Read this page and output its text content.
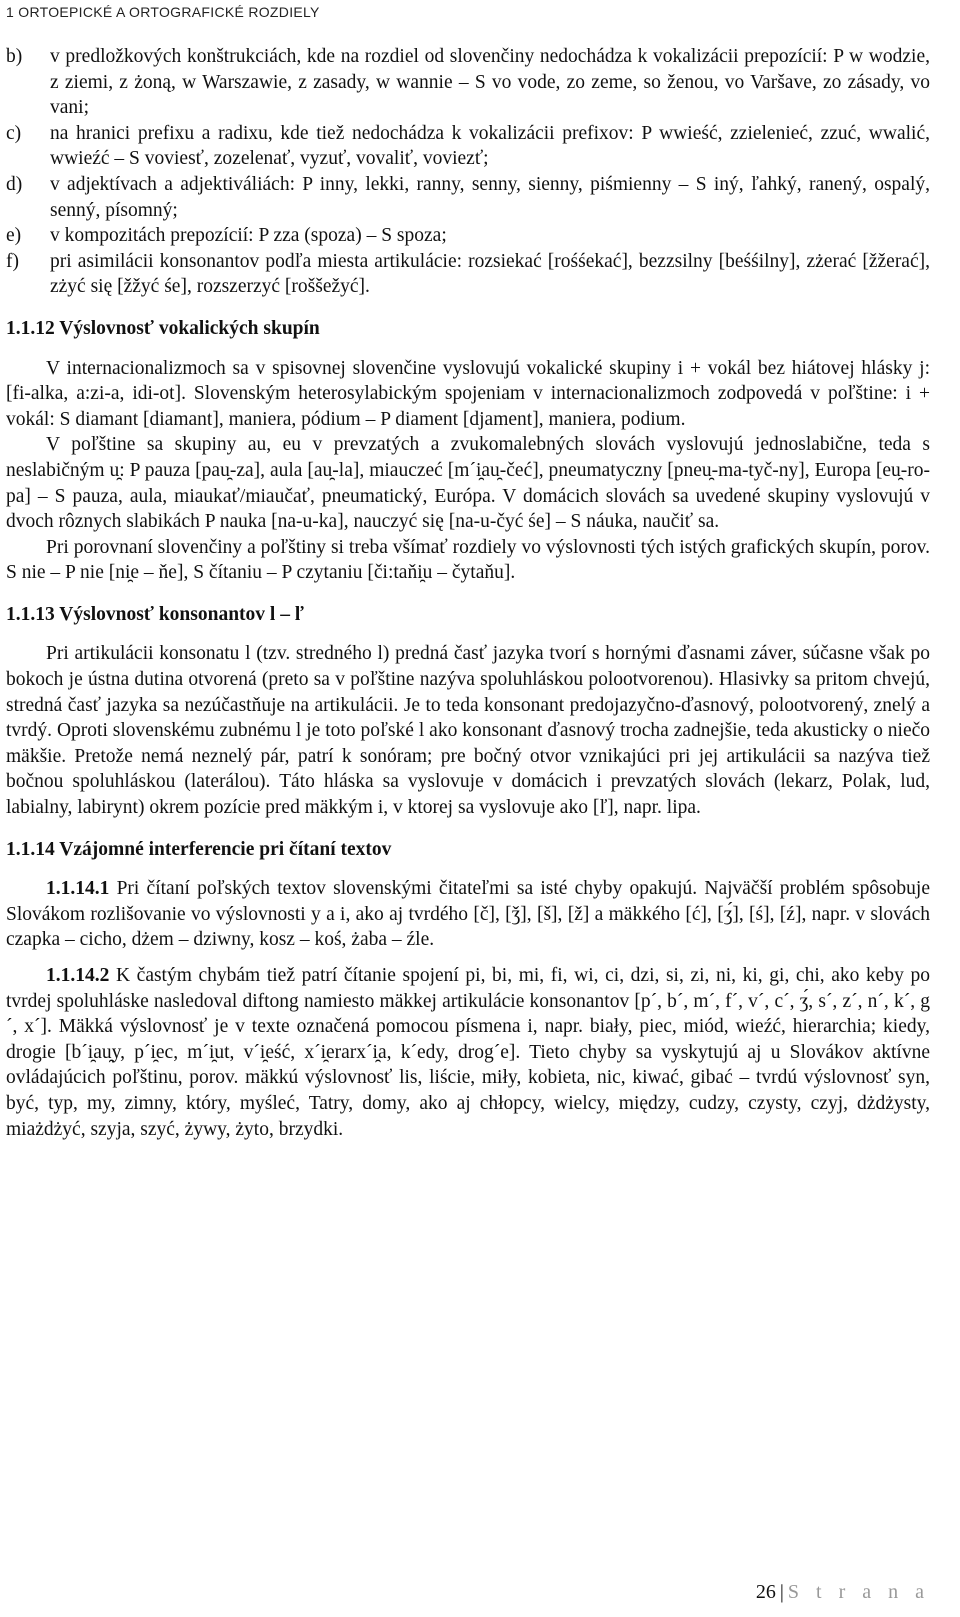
1 ORTOEPICKÉ A ORTOGRAFICKÉ ROZDIELY
b)	v predložkových konštrukciách, kde na rozdiel od slovenčiny nedochádza k vokalizácii prepozícií: P w wodzie, z ziemi, z żoną, w Warszawie, z zasady, w wannie – S vo vode, zo zeme, so ženou, vo Varšave, zo zásady, vo vani;
c)	na hranici prefixu a radixu, kde tiež nedochádza k vokalizácii prefixov: P wwieść, zzielenieć, zzuć, wwalić, wwieźć – S voviesť, zozelenať, vyzuť, vovaliť, voviezť;
d)	v adjektívach a adjektiváliách: P inny, lekki, ranny, senny, sienny, piśmienny – S iný, ľahký, ranený, ospalý, senný, písomný;
e)	v kompozitách prepozícií: P zza (spoza) – S spoza;
f)	pri asimilácii konsonantov podľa miesta artikulácie: rozsiekać [rośśekać], bezzsilny [beśśilny], zżerać [žžerać], zżyć się [žžyć śe], rozszerzyć [roššežyć].
1.1.12 Výslovnosť vokalických skupín

V internacionalizmoch sa v spisovnej slovenčine vyslovujú vokalické skupiny i + vokál bez hiátovej hlásky j: [fi-alka, a:zi-a, idi-ot]. Slovenským heterosylabickým spojeniam v internacionalizmoch zodpovedá v poľštine: i + vokál: S diamant [diamant], maniera, pódium – P diament [djament], maniera, podium.

V poľštine sa skupiny au, eu v prevzatých a zvukomalebných slovách vyslovujú jednoslabične, teda s neslabičným u̯: P pauza [pau̯-za], aula [au̯-la], miauczeć [m´i̯au̯-čeć], pneumatyczny [pneu̯-ma-tyč-ny], Europa [eu̯-ro-pa] – S pauza, aula, miaukať/miaučať, pneumatický, Európa. V domácich slovách sa uvedené skupiny vyslovujú v dvoch rôznych slabikách P nauka [na-u-ka], nauczyć się [na-u-čyć śe] – S náuka, naučiť sa.

Pri porovnaní slovenčiny a poľštiny si treba všímať rozdiely vo výslovnosti tých istých grafických skupín, porov. S nie – P nie [ni̯e – ňe], S čítaniu – P czytaniu [či:taňi̯u – čytaňu].

1.1.13 Výslovnosť konsonantov l – ľ

Pri artikulácii konsonatu l (tzv. stredného l) predná časť jazyka tvorí s hornými ďasnami záver, súčasne však po bokoch je ústna dutina otvorená (preto sa v poľštine nazýva spoluhláskou polootvorenou). Hlasivky sa pritom chvejú, stredná časť jazyka sa nezúčastňuje na artikulácii. Je to teda konsonant predojazyčno-ďasnový, polootvorený, znelý a tvrdý. Oproti slovenskému zubnému l je toto poľské l ako konsonant ďasnový trocha zadnejšie, teda akusticky o niečo mäkšie. Pretože nemá neznelý pár, patrí k sonóram; pre bočný otvor vznikajúci pri jej artikulácii sa nazýva tiež bočnou spoluhláskou (laterálou). Táto hláska sa vyslovuje v domácich i prevzatých slovách (lekarz, Polak, lud, labialny, labirynt) okrem pozície pred mäkkým i, v ktorej sa vyslovuje ako [ľ], napr. lipa.

1.1.14 Vzájomné interferencie pri čítaní textov

1.1.14.1 Pri čítaní poľských textov slovenskými čitateľmi sa isté chyby opakujú. Najväčší problém spôsobuje Slovákom rozlišovanie vo výslovnosti y a i, ako aj tvrdého [č], [ǯ], [š], [ž] a mäkkého [ć], [ʒ́], [ś], [ź], napr. v slovách czapka – cicho, dżem – dziwny, kosz – koś, żaba – źle.

1.1.14.2 K častým chybám tiež patrí čítanie spojení pi, bi, mi, fi, wi, ci, dzi, si, zi, ni, ki, gi, chi, ako keby po tvrdej spoluhláske nasledoval diftong namiesto mäkkej artikulácie konsonantov [p´, b´, m´, f´, v´, c´, ʒ́, s´, z´, n´, k´, g´, x´]. Mäkká výslovnosť je v texte označená pomocou písmena i, napr. biały, piec, miód, wieźć, hierarchia; kiedy, drogie [b´i̯au̯y, p´i̯ec, m´i̯ut, v´i̯eść, x´i̯erarx´i̯a, k´edy, drog´e]. Tieto chyby sa vyskytujú aj u Slovákov aktívne ovládajúcich poľštinu, porov. mäkkú výslovnosť lis, liście, miły, kobieta, nic, kiwać, gibać – tvrdú výslovnosť syn, być, typ, my, zimny, który, myśleć, Tatry, domy, ako aj chłopcy, wielcy, między, cudzy, czysty, czyj, dżdżysty, miażdżyć, szyja, szyć, żywy, żyto, brzydki.

26 | S t r a n a
